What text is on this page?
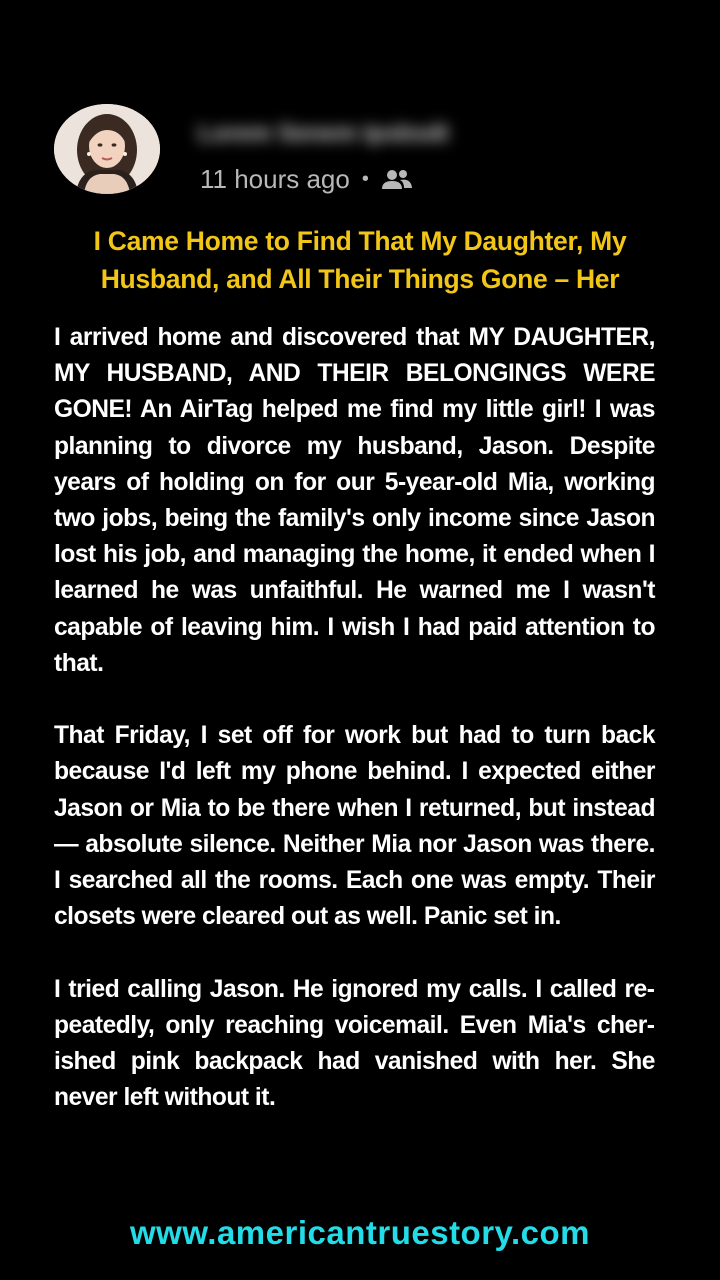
Lorem Senem Ipsbsdt
11 hours ago •
I Came Home to Find That My Daughter, My Husband, and All Their Things Gone – Her

I arrived home and discovered that MY DAUGHTER, MY HUSBAND, AND THEIR BELONGINGS WERE GONE! An AirTag helped me find my little girl! I was planning to divorce my husband, Jason. Despite years of holding on for our 5-year-old Mia, working two jobs, being the family's only income since Jason lost his job, and managing the home, it ended when I learned he was unfaithful. He warned me I wasn't capable of leaving him. I wish I had paid attention to that.

That Friday, I set off for work but had to turn back because I'd left my phone behind. I expected either Jason or Mia to be there when I returned, but instead — absolute silence. Neither Mia nor Jason was there. I searched all the rooms. Each one was empty. Their closets were cleared out as well. Panic set in.

I tried calling Jason. He ignored my calls. I called repeatedly, only reaching voicemail. Even Mia's cherished pink backpack had vanished with her. She never left without it.

www.americantruestory.com
